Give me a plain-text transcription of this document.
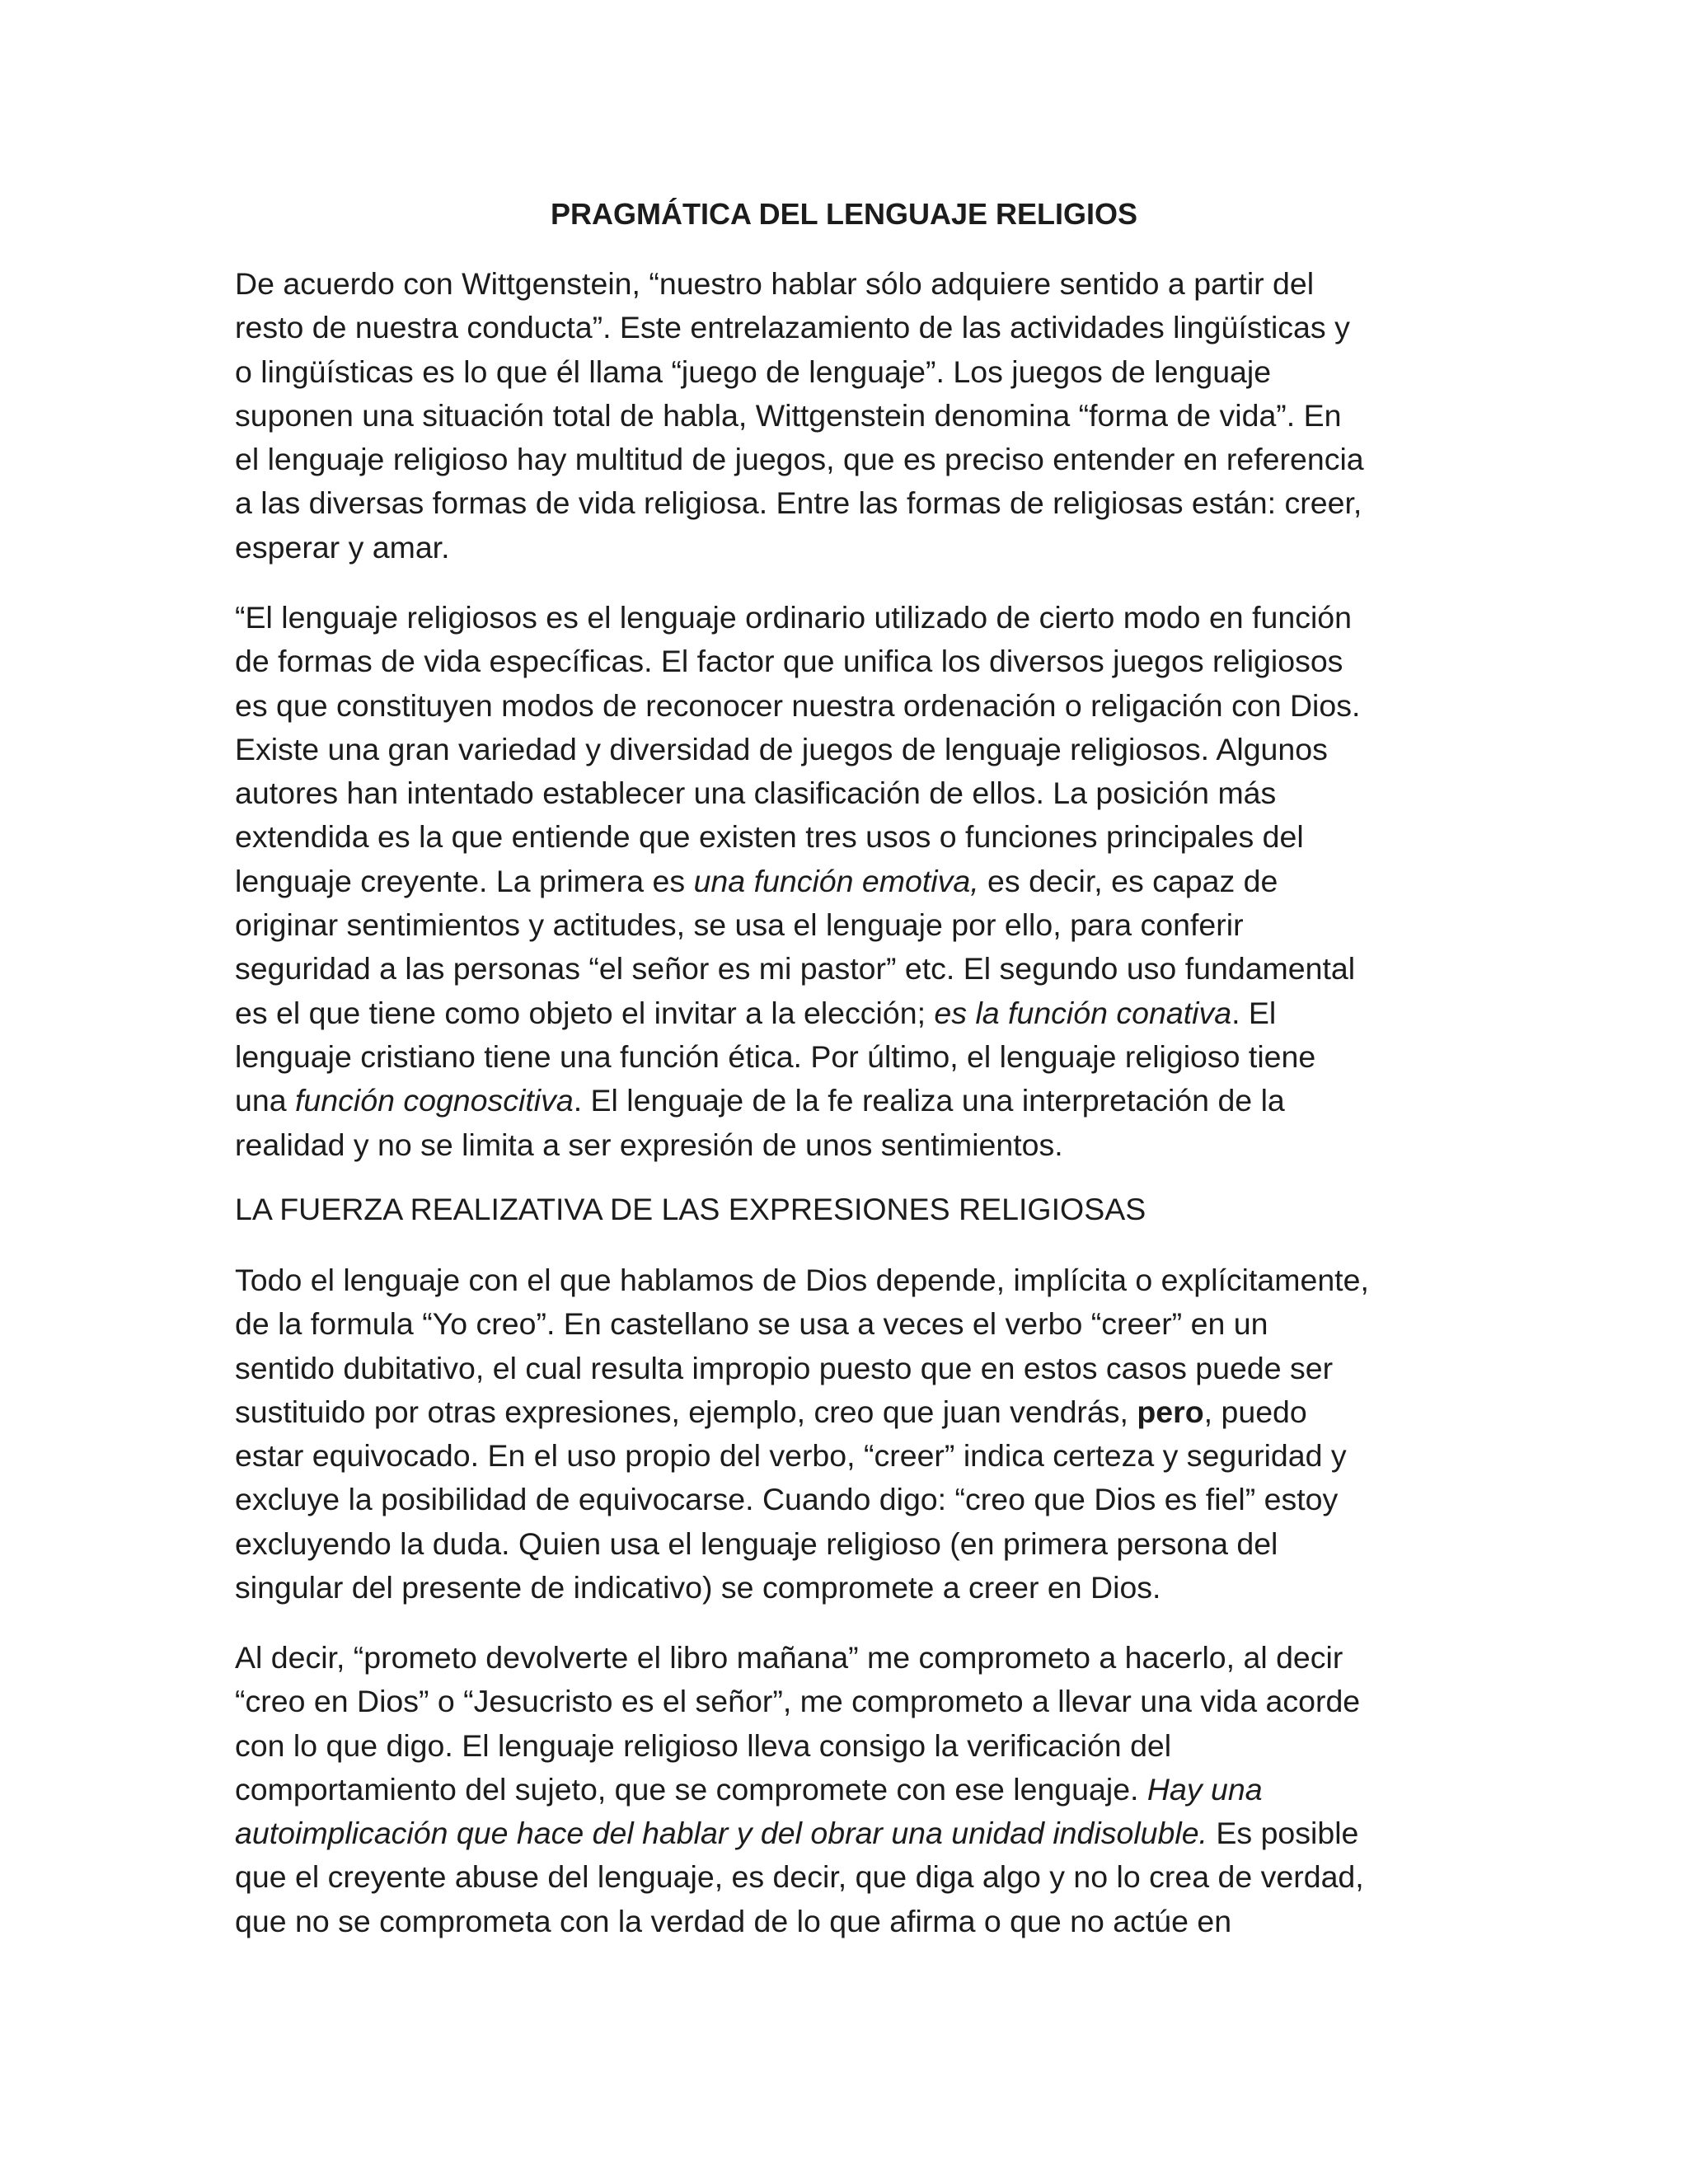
PRAGMÁTICA DEL LENGUAJE RELIGIOS
De acuerdo con Wittgenstein, “nuestro hablar sólo adquiere sentido a partir del
resto de nuestra conducta”. Este entrelazamiento de las actividades lingüísticas y
o lingüísticas es lo que él llama “juego de lenguaje”. Los juegos de lenguaje
suponen una situación total de habla, Wittgenstein denomina “forma de vida”. En
el lenguaje religioso hay multitud de juegos, que es preciso entender en referencia
a las diversas formas de vida religiosa. Entre las formas de religiosas están: creer,
esperar y amar.
“El lenguaje religiosos es el lenguaje ordinario utilizado de cierto modo en función
de formas de vida específicas. El factor que unifica los diversos juegos religiosos
es que constituyen modos de reconocer nuestra ordenación o religación con Dios.
Existe una gran variedad y diversidad de juegos de lenguaje religiosos. Algunos
autores han intentado establecer una clasificación de ellos. La posición más
extendida es la que entiende que existen tres usos o funciones principales del
lenguaje creyente. La primera es una función emotiva, es decir, es capaz de
originar sentimientos y actitudes, se usa el lenguaje por ello, para conferir
seguridad a las personas “el señor es mi pastor” etc. El segundo uso fundamental
es el que tiene como objeto el invitar a la elección; es la función conativa. El
lenguaje cristiano tiene una función ética. Por último, el lenguaje religioso tiene
una función cognoscitiva. El lenguaje de la fe realiza una interpretación de la
realidad y no se limita a ser expresión de unos sentimientos.
LA FUERZA REALIZATIVA DE LAS EXPRESIONES RELIGIOSAS
Todo el lenguaje con el que hablamos de Dios depende, implícita o explícitamente,
de la formula “Yo creo”. En castellano se usa a veces el verbo “creer” en un
sentido dubitativo, el cual resulta impropio puesto que en estos casos puede ser
sustituido por otras expresiones, ejemplo, creo que juan vendrás, pero, puedo
estar equivocado. En el uso propio del verbo, “creer” indica certeza y seguridad y
excluye la posibilidad de equivocarse. Cuando digo: “creo que Dios es fiel” estoy
excluyendo la duda. Quien usa el lenguaje religioso (en primera persona del
singular del presente de indicativo) se compromete a creer en Dios.
Al decir, “prometo devolverte el libro mañana” me comprometo a hacerlo, al decir
“creo en Dios” o “Jesucristo es el señor”, me comprometo a llevar una vida acorde
con lo que digo. El lenguaje religioso lleva consigo la verificación del
comportamiento del sujeto, que se compromete con ese lenguaje. Hay una
autoimplicación que hace del hablar y del obrar una unidad indisoluble. Es posible
que el creyente abuse del lenguaje, es decir, que diga algo y no lo crea de verdad,
que no se comprometa con la verdad de lo que afirma o que no actúe en
